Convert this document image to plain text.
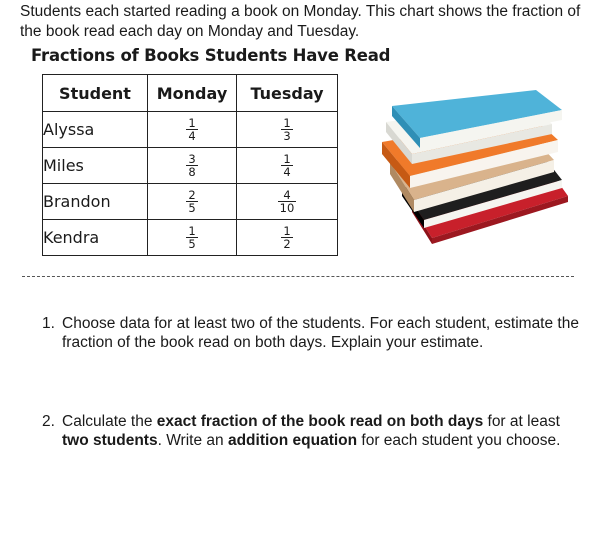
Students each started reading a book on Monday. This chart shows the fraction of the book read each day on Monday and Tuesday.

Fractions of Books Students Have Read

Student	Monday	Tuesday
Alyssa	$\frac{1}{4}$	$\frac{1}{3}$

Miles	$\frac{3}{8}$	$\frac{1}{4}$

Brandon	$\frac{2}{5}$	$\frac{4}{10}$

Kendra	$\frac{1}{5}$	$\frac{1}{2}$
1. Choose data for at least two of the students. For each student, estimate the fraction of the book read on both days. Explain your estimate.
2. Calculate the exact fraction of the book read on both days for at least two students. Write an addition equation for each student you choose.
